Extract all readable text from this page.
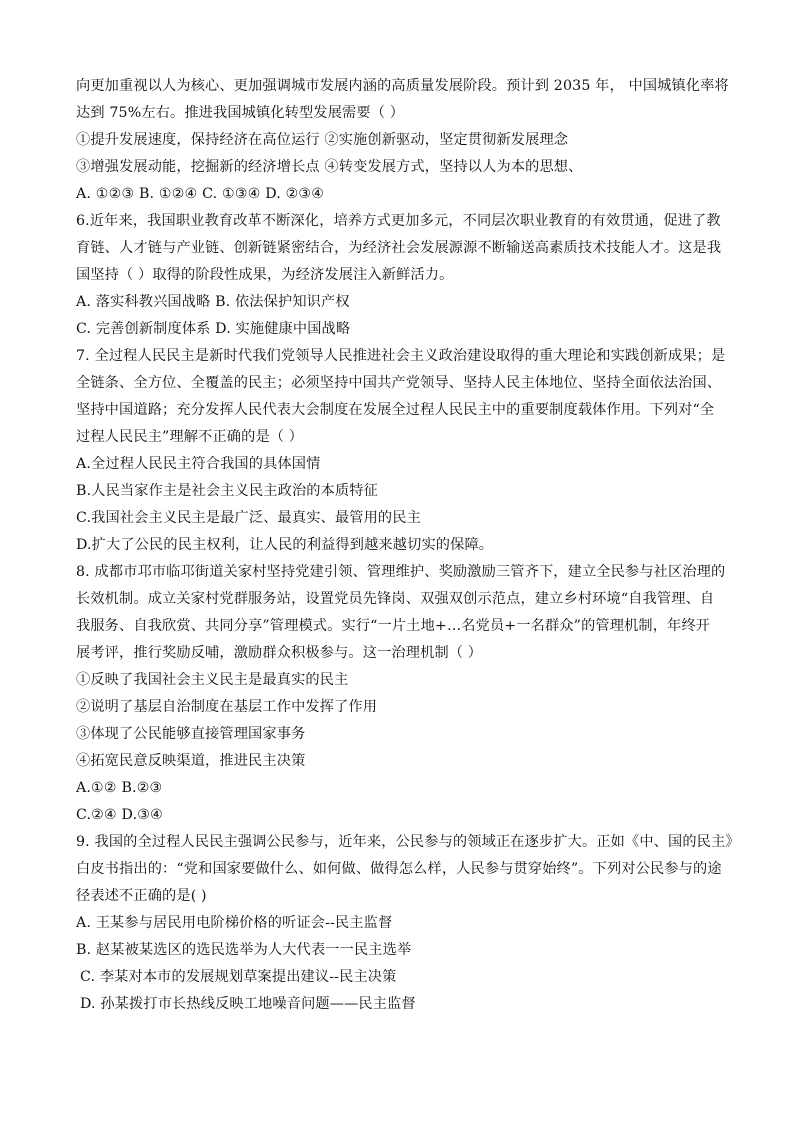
向更加重视以人为核心、更加强调城市发展内涵的高质量发展阶段。预计到 2035 年， 中国城镇化率将
达到 75%左右。推进我国城镇化转型发展需要（ ）
①提升发展速度，保持经济在高位运行 ②实施创新驱动，坚定贯彻新发展理念
③增强发展动能，挖掘新的经济增长点 ④转变发展方式，坚持以人为本的思想、
A. ①②③ B. ①②④ C. ①③④ D. ②③④
6.近年来，我国职业教育改革不断深化，培养方式更加多元，不同层次职业教育的有效贯通，促进了教
育链、人才链与产业链、创新链紧密结合，为经济社会发展源源不断输送高素质技术技能人才。这是我
国坚持（ ）取得的阶段性成果，为经济发展注入新鲜活力。
A. 落实科教兴国战略 B. 依法保护知识产权
C. 完善创新制度体系 D. 实施健康中国战略
7. 全过程人民民主是新时代我们党领导人民推进社会主义政治建设取得的重大理论和实践创新成果；是
全链条、全方位、全覆盖的民主；必须坚持中国共产党领导、坚持人民主体地位、坚持全面依法治国、
坚持中国道路；充分发挥人民代表大会制度在发展全过程人民民主中的重要制度载体作用。下列对“全
过程人民民主”理解不正确的是（ ）
A.全过程人民民主符合我国的具体国情
B.人民当家作主是社会主义民主政治的本质特征
C.我国社会主义民主是最广泛、最真实、最管用的民主
D.扩大了公民的民主权利，让人民的利益得到越来越切实的保障。
8. 成都市邛市临邛街道关家村坚持党建引领、管理维护、奖励激励三管齐下，建立全民参与社区治理的
长效机制。成立关家村党群服务站，设置党员先锋岗、双强双创示范点，建立乡村环境“自我管理、自
我服务、自我欣赏、共同分享”管理模式。实行“一片土地+…名党员+一名群众”的管理机制，年终开
展考评，推行奖励反哺，激励群众积极参与。这一治理机制（ ）
①反映了我国社会主义民主是最真实的民主
②说明了基层自治制度在基层工作中发挥了作用
③体现了公民能够直接管理国家事务
④拓宽民意反映渠道，推进民主决策
A.①② B.②③
C.②④ D.③④
9. 我国的全过程人民民主强调公民参与，近年来，公民参与的领域正在逐步扩大。正如《中、国的民主》
白皮书指出的：“党和国家要做什么、如何做、做得怎么样，人民参与贯穿始终”。下列对公民参与的途
径表述不正确的是( )
A. 王某参与居民用电阶梯价格的听证会--民主监督
B. 赵某被某选区的选民选举为人大代表一一民主选举
C. 李某对本市的发展规划草案提出建议--民主决策
D. 孙某拨打市长热线反映工地噪音问题——民主监督
